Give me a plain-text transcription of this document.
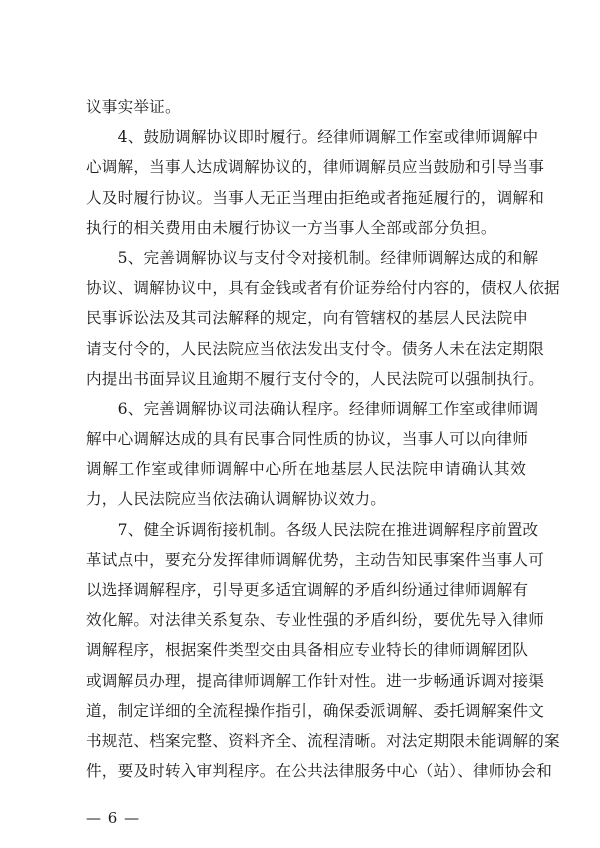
议事实举证。
　　4、鼓励调解协议即时履行。经律师调解工作室或律师调解中
心调解，当事人达成调解协议的，律师调解员应当鼓励和引导当事
人及时履行协议。当事人无正当理由拒绝或者拖延履行的，调解和
执行的相关费用由未履行协议一方当事人全部或部分负担。
　　5、完善调解协议与支付令对接机制。经律师调解达成的和解
协议、调解协议中，具有金钱或者有价证券给付内容的，债权人依据
民事诉讼法及其司法解释的规定，向有管辖权的基层人民法院申
请支付令的，人民法院应当依法发出支付令。债务人未在法定期限
内提出书面异议且逾期不履行支付令的，人民法院可以强制执行。
　　6、完善调解协议司法确认程序。经律师调解工作室或律师调
解中心调解达成的具有民事合同性质的协议，当事人可以向律师
调解工作室或律师调解中心所在地基层人民法院申请确认其效
力，人民法院应当依法确认调解协议效力。
　　7、健全诉调衔接机制。各级人民法院在推进调解程序前置改
革试点中，要充分发挥律师调解优势，主动告知民事案件当事人可
以选择调解程序，引导更多适宜调解的矛盾纠纷通过律师调解有
效化解。对法律关系复杂、专业性强的矛盾纠纷，要优先导入律师
调解程序，根据案件类型交由具备相应专业特长的律师调解团队
或调解员办理，提高律师调解工作针对性。进一步畅通诉调对接渠
道，制定详细的全流程操作指引，确保委派调解、委托调解案件文
书规范、档案完整、资料齐全、流程清晰。对法定期限未能调解的案
件，要及时转入审判程序。在公共法律服务中心（站）、律师协会和
— 6 —
